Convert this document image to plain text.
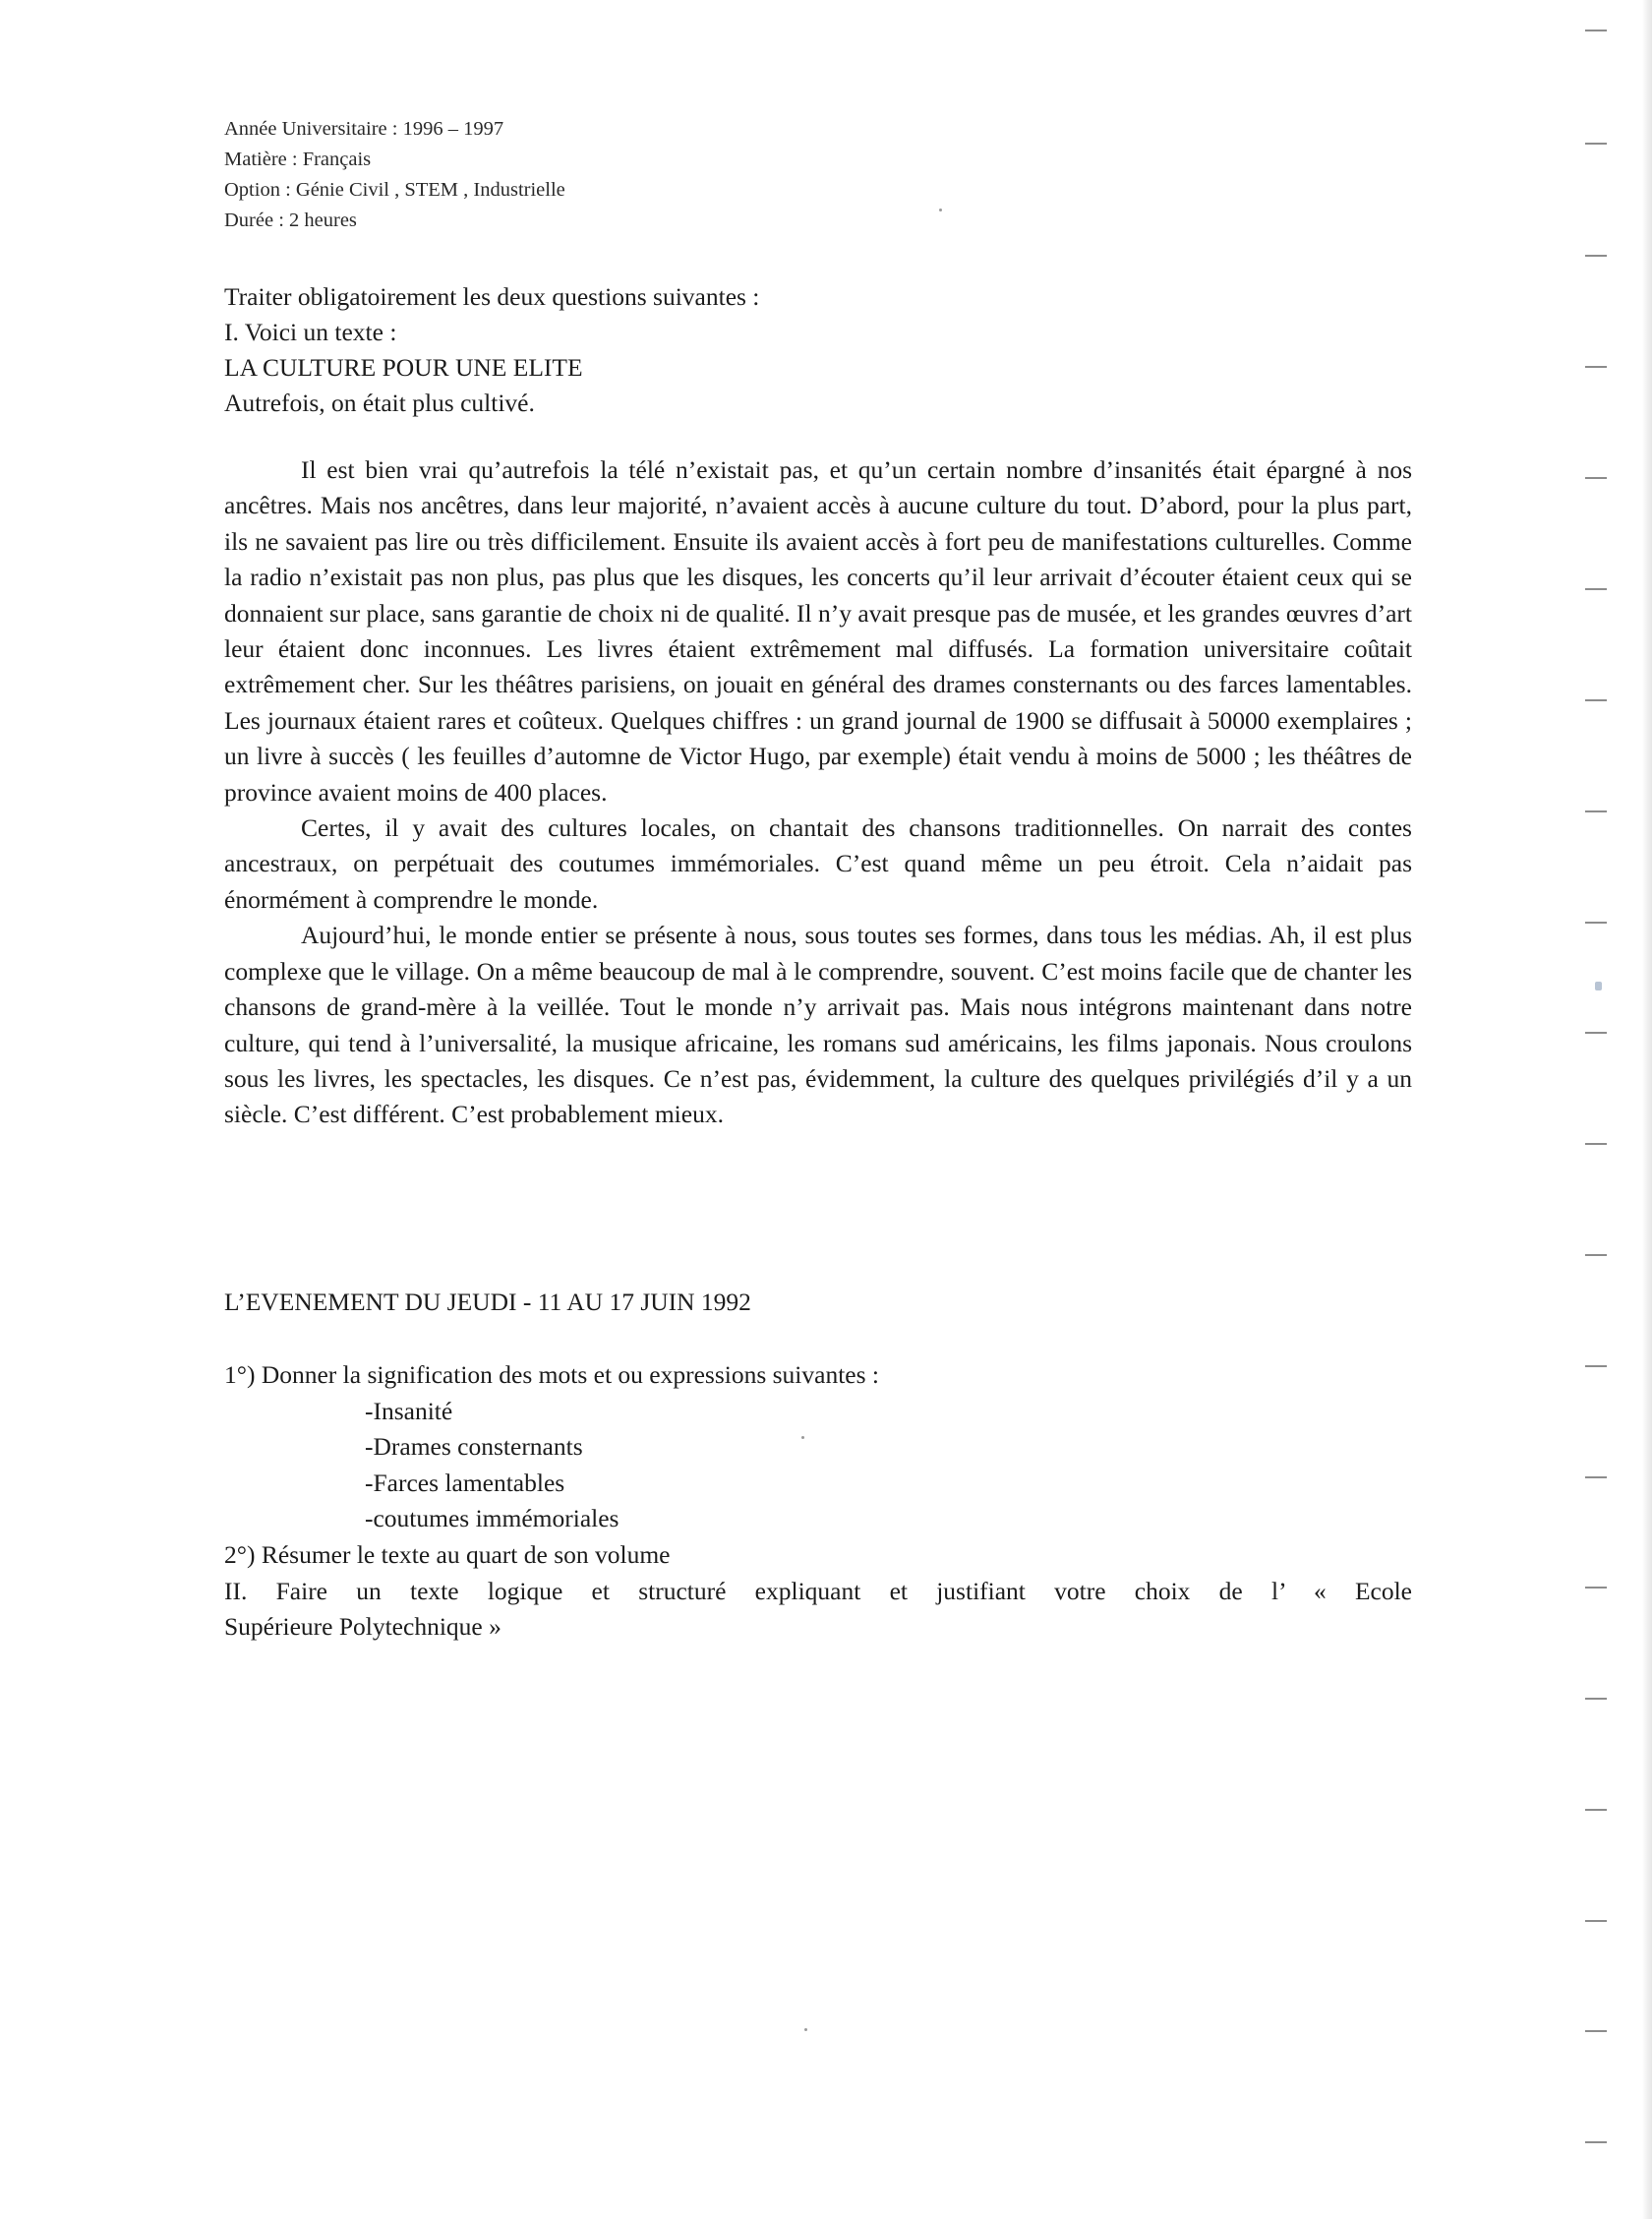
Année Universitaire : 1996 – 1997
Matière : Français
Option : Génie Civil , STEM , Industrielle
Durée : 2 heures
Traiter obligatoirement les deux questions suivantes :
I. Voici un texte :
LA CULTURE POUR UNE ELITE
Autrefois, on était plus cultivé.

Il est bien vrai qu’autrefois la télé n’existait pas, et qu’un certain nombre d’insanités était épargné à nos ancêtres. Mais nos ancêtres, dans leur majorité, n’avaient accès à aucune culture du tout. D’abord, pour la plus part, ils ne savaient pas lire ou très difficilement. Ensuite ils avaient accès à fort peu de manifestations culturelles. Comme la radio n’existait pas non plus, pas plus que les disques, les concerts qu’il leur arrivait d’écouter étaient ceux qui se donnaient sur place, sans garantie de choix ni de qualité. Il n’y avait presque pas de musée, et les grandes œuvres d’art leur étaient donc inconnues. Les livres étaient extrêmement mal diffusés. La formation universitaire coûtait extrêmement cher. Sur les théâtres parisiens, on jouait en général des drames consternants ou des farces lamentables. Les journaux étaient rares et coûteux. Quelques chiffres : un grand journal de 1900 se diffusait à 50000 exemplaires ; un livre à succès ( les feuilles d’automne de Victor Hugo, par exemple) était vendu à moins de 5000 ; les théâtres de province avaient moins de 400 places.

Certes, il y avait des cultures locales, on chantait des chansons traditionnelles. On narrait des contes ancestraux, on perpétuait des coutumes immémoriales. C’est quand même un peu étroit. Cela n’aidait pas énormément à comprendre le monde.

Aujourd’hui, le monde entier se présente à nous, sous toutes ses formes, dans tous les médias. Ah, il est plus complexe que le village. On a même beaucoup de mal à le comprendre, souvent. C’est moins facile que de chanter les chansons de grand-mère à la veillée. Tout le monde n’y arrivait pas. Mais nous intégrons maintenant dans notre culture, qui tend à l’universalité, la musique africaine, les romans sud américains, les films japonais. Nous croulons sous les livres, les spectacles, les disques. Ce n’est pas, évidemment, la culture des quelques privilégiés d’il y a un siècle. C’est différent. C’est probablement mieux.

L’EVENEMENT DU JEUDI - 11 AU 17 JUIN 1992
1°) Donner la signification des mots et ou expressions suivantes :
-Insanité
-Drames consternants
-Farces lamentables
-coutumes immémoriales
2°) Résumer le texte au quart de son volume
II. Faire un texte logique et structuré expliquant et justifiant votre choix de l’ « Ecole
Supérieure Polytechnique »
